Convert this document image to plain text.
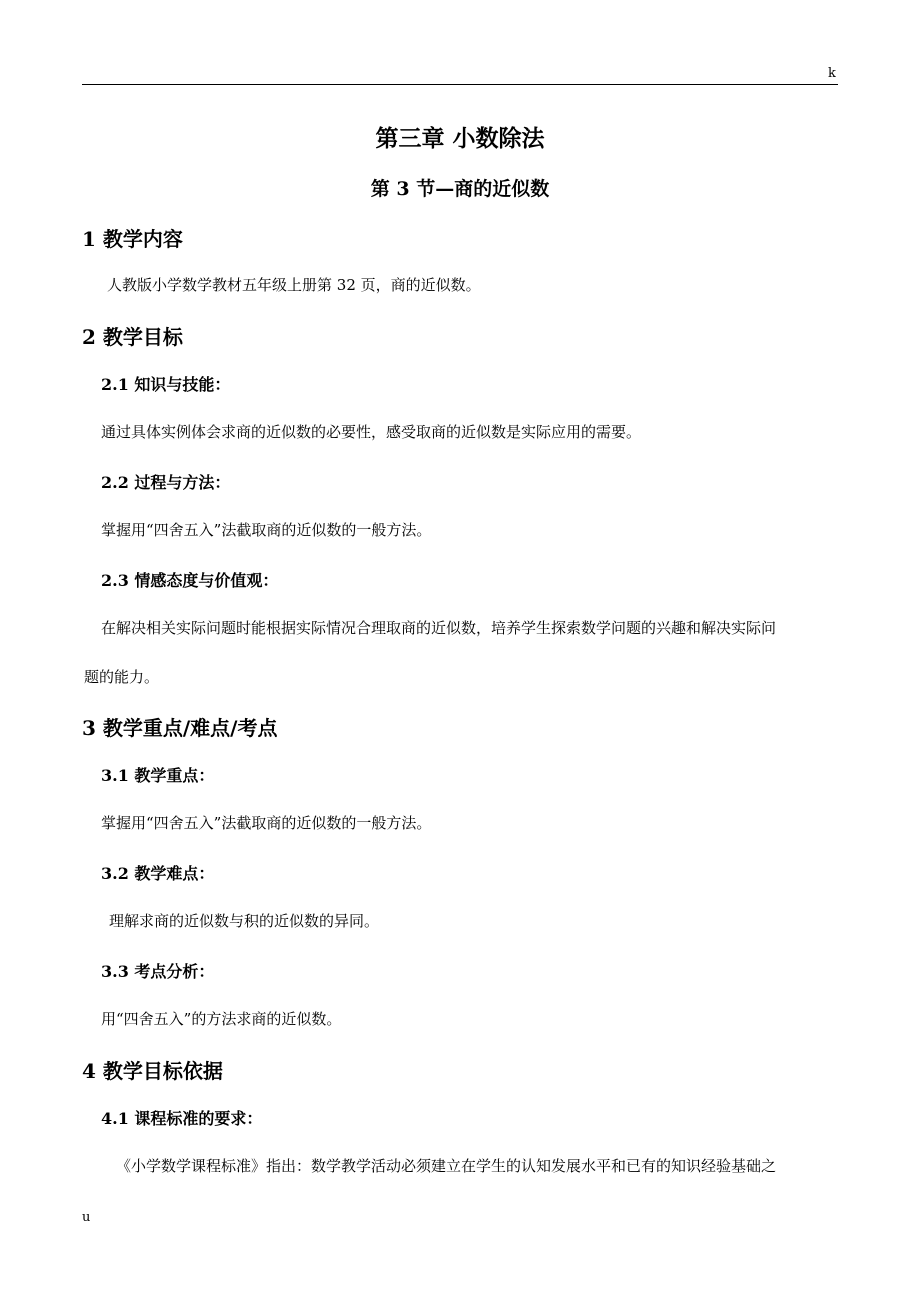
k
第三章 小数除法
第 3 节—商的近似数
1 教学内容
人教版小学数学教材五年级上册第 32 页，商的近似数。
2 教学目标
2.1 知识与技能：
通过具体实例体会求商的近似数的必要性，感受取商的近似数是实际应用的需要。
2.2 过程与方法：
掌握用“四舍五入”法截取商的近似数的一般方法。
2.3 情感态度与价值观：
在解决相关实际问题时能根据实际情况合理取商的近似数，培养学生探索数学问题的兴趣和解决实际问
题的能力。
3 教学重点/难点/考点
3.1 教学重点：
掌握用“四舍五入”法截取商的近似数的一般方法。
3.2 教学难点：
理解求商的近似数与积的近似数的异同。
3.3 考点分析：
用“四舍五入”的方法求商的近似数。
4 教学目标依据
4.1 课程标准的要求：
《小学数学课程标准》指出：数学教学活动必须建立在学生的认知发展水平和已有的知识经验基础之
u
